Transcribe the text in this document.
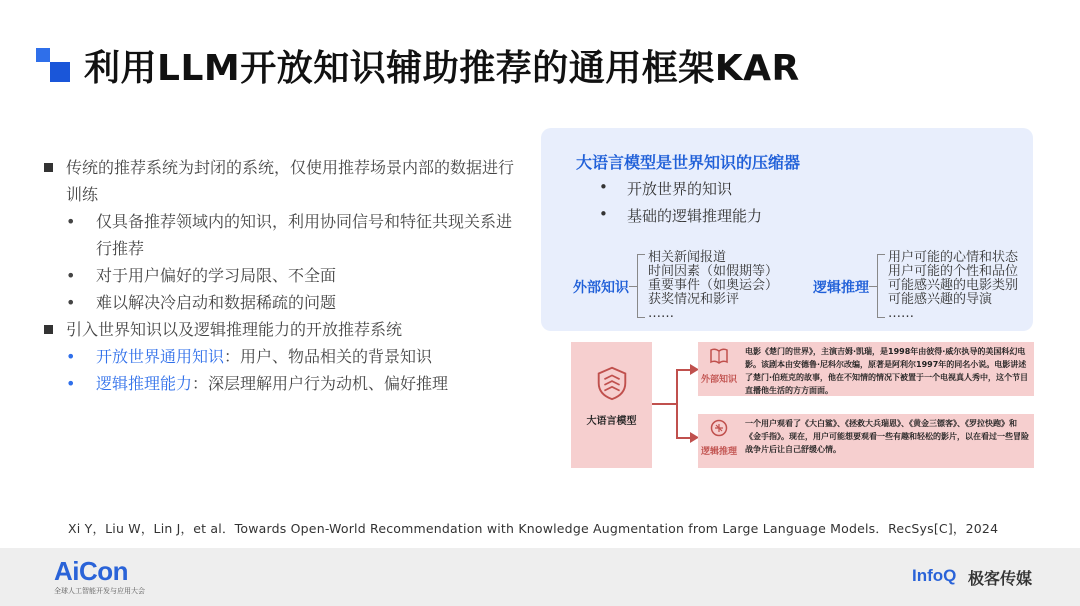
利用LLM开放知识辅助推荐的通用框架KAR
传统的推荐系统为封闭的系统，仅使用推荐场景内部的数据进行训练
• 仅具备推荐领域内的知识，利用协同信号和特征共现关系进行推荐
• 对于用户偏好的学习局限、不全面
• 难以解决冷启动和数据稀疏的问题
引入世界知识以及逻辑推理能力的开放推荐系统
• 开放世界通用知识：用户、物品相关的背景知识
• 逻辑推理能力：深层理解用户行为动机、偏好推理
大语言模型是世界知识的压缩器
• 开放世界的知识
• 基础的逻辑推理能力
外部知识
相关新闻报道
时间因素（如假期等）
重要事件（如奥运会）
获奖情况和影评
……
逻辑推理
用户可能的心情和状态
用户可能的个性和品位
可能感兴趣的电影类别
可能感兴趣的导演
……
大语言模型
外部知识
电影《楚门的世界》，主演吉姆·凯瑞，是1998年由彼得·威尔执导的美国科幻电影。该剧本由安德鲁·尼科尔改编，原著是阿利尔1997年的同名小说。电影讲述了楚门·伯班克的故事，他在不知情的情况下被置于一个电视真人秀中，这个节目直播他生活的方方面面。
逻辑推理
一个用户观看了《大白鲨》、《拯救大兵瑞恩》、《黄金三镖客》、《罗拉快跑》和《金手指》。现在，用户可能想要观看一些有趣和轻松的影片，以在看过一些冒险战争片后让自己舒缓心情。
Xi Y，Liu W，Lin J，et al．Towards Open-World Recommendation with Knowledge Augmentation from Large Language Models．RecSys[C]，2024
AiCon
全球人工智能开发与应用大会
InfoQ 极客传媒
